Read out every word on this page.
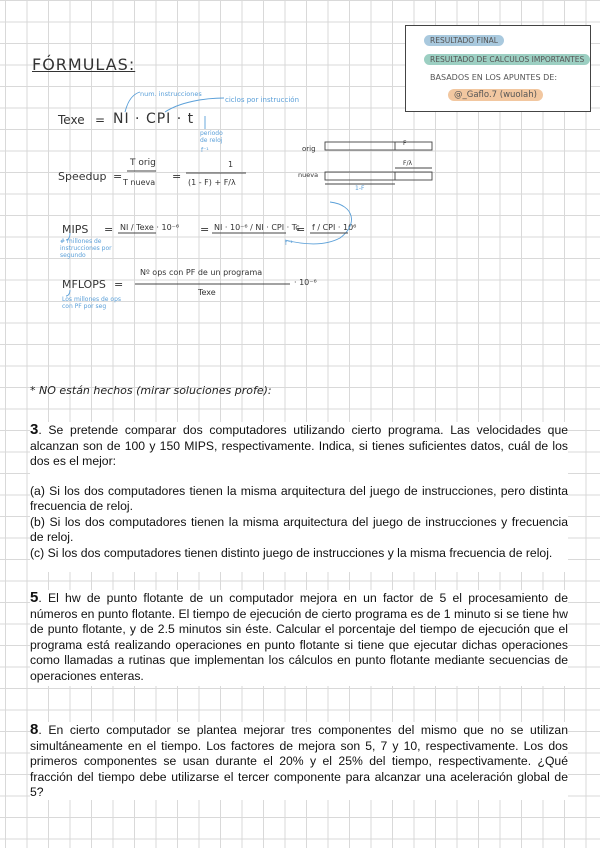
RESULTADO FINAL
RESULTADO DE CALCULOS IMPORTANTES
BASADOS EN LOS APUNTES DE:
@_Gaflo.7 (wuolah)
FÓRMULAS:
Texe = NI · CPI · t
num. instrucciones
ciclos por instrucción
periodo de reloj
f⁻¹
Speedup =
T orig
T nueva =
1
(1 - F) + F/λ
orig
nueva
F
F/λ
1-F
MIPS = NI / Texe · 10⁻⁶ = NI · 10⁻⁶ / NI · CPI · Tc
= f / CPI · 10⁶
f⁻¹
# millones de instrucciones por segundo
MFLOPS =
Nº ops con PF de un programa
Texe
· 10⁻⁶
Los millones de ops con PF por seg
* NO están hechos (mirar soluciones profe):

3. Se pretende comparar dos computadores utilizando cierto programa. Las velocidades que alcanzan son de 100 y 150 MIPS, respectivamente. Indica, si tienes suficientes datos, cuál de los dos es el mejor:

(a) Si los dos computadores tienen la misma arquitectura del juego de instrucciones, pero distinta frecuencia de reloj.

(b) Si los dos computadores tienen la misma arquitectura del juego de instrucciones y frecuencia de reloj.

(c) Si los dos computadores tienen distinto juego de instrucciones y la misma frecuencia de reloj.

5. El hw de punto flotante de un computador mejora en un factor de 5 el procesamiento de números en punto flotante. El tiempo de ejecución de cierto programa es de 1 minuto si se tiene hw de punto flotante, y de 2.5 minutos sin éste. Calcular el porcentaje del tiempo de ejecución que el programa está realizando operaciones en punto flotante si tiene que ejecutar dichas operaciones como llamadas a rutinas que implementan los cálculos en punto flotante mediante secuencias de operaciones enteras.

8. En cierto computador se plantea mejorar tres componentes del mismo que no se utilizan simultáneamente en el tiempo. Los factores de mejora son 5, 7 y 10, respectivamente. Los dos primeros componentes se usan durante el 20% y el 25% del tiempo, respectivamente. ¿Qué fracción del tiempo debe utilizarse el tercer componente para alcanzar una aceleración global de 5?
